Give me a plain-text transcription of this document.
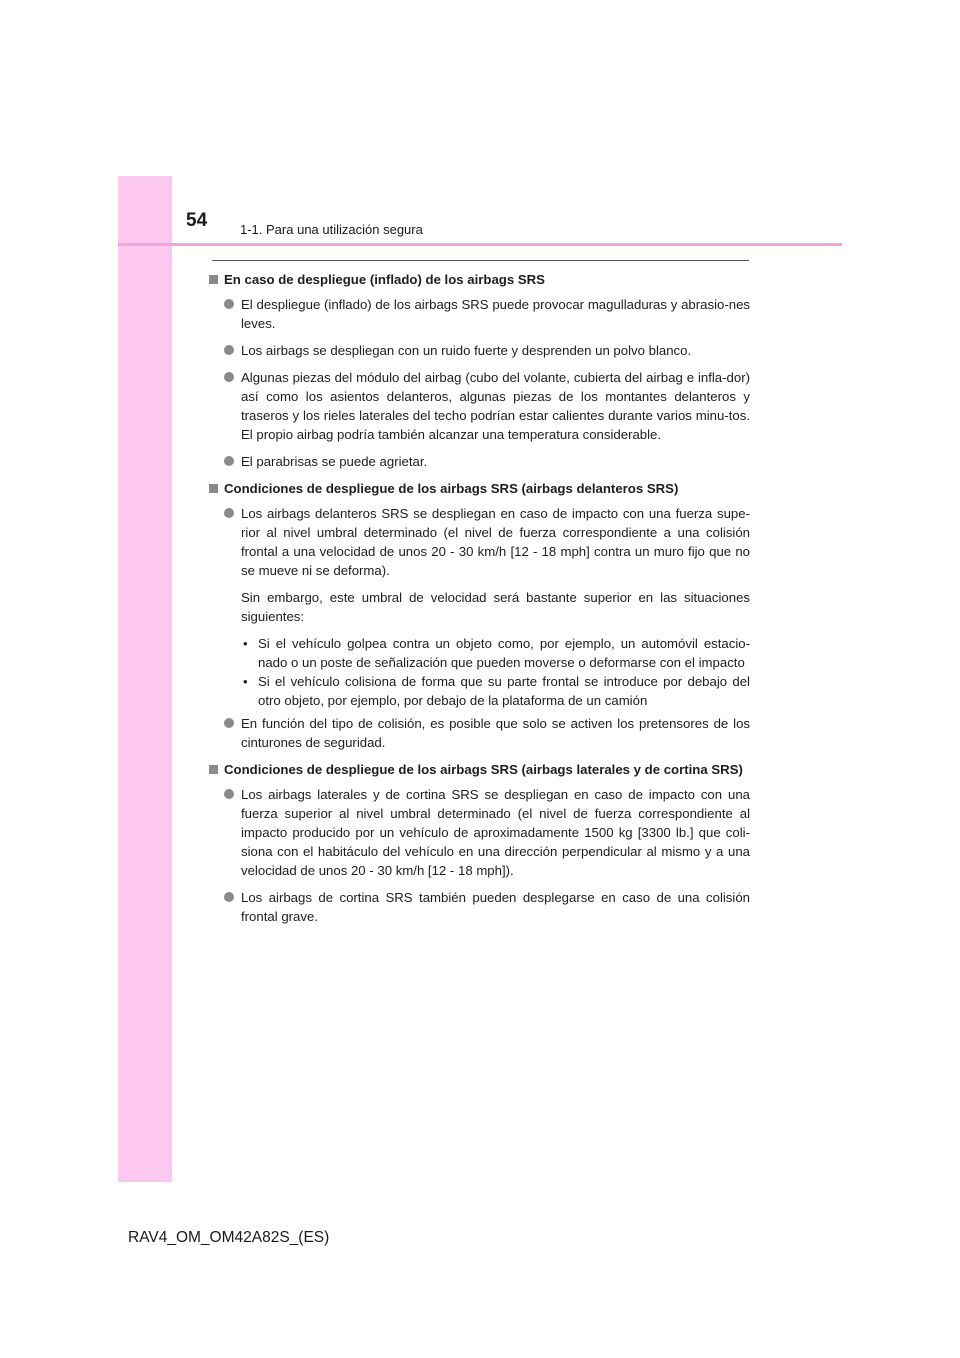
54	1-1. Para una utilización segura
En caso de despliegue (inflado) de los airbags SRS
El despliegue (inflado) de los airbags SRS puede provocar magulladuras y abrasio-nes leves.
Los airbags se despliegan con un ruido fuerte y desprenden un polvo blanco.
Algunas piezas del módulo del airbag (cubo del volante, cubierta del airbag e infla-dor) así como los asientos delanteros, algunas piezas de los montantes delanteros y traseros y los rieles laterales del techo podrían estar calientes durante varios minu-tos. El propio airbag podría también alcanzar una temperatura considerable.
El parabrisas se puede agrietar.
Condiciones de despliegue de los airbags SRS (airbags delanteros SRS)
Los airbags delanteros SRS se despliegan en caso de impacto con una fuerza supe-rior al nivel umbral determinado (el nivel de fuerza correspondiente a una colisión frontal a una velocidad de unos 20 - 30 km/h [12 - 18 mph] contra un muro fijo que no se mueve ni se deforma).
Sin embargo, este umbral de velocidad será bastante superior en las situaciones siguientes:
• Si el vehículo golpea contra un objeto como, por ejemplo, un automóvil estacio-nado o un poste de señalización que pueden moverse o deformarse con el impacto
• Si el vehículo colisiona de forma que su parte frontal se introduce por debajo del otro objeto, por ejemplo, por debajo de la plataforma de un camión
En función del tipo de colisión, es posible que solo se activen los pretensores de los cinturones de seguridad.
Condiciones de despliegue de los airbags SRS (airbags laterales y de cortina SRS)
Los airbags laterales y de cortina SRS se despliegan en caso de impacto con una fuerza superior al nivel umbral determinado (el nivel de fuerza correspondiente al impacto producido por un vehículo de aproximadamente 1500 kg [3300 lb.] que coli-siona con el habitáculo del vehículo en una dirección perpendicular al mismo y a una velocidad de unos 20 - 30 km/h [12 - 18 mph]).
Los airbags de cortina SRS también pueden desplegarse en caso de una colisión frontal grave.
RAV4_OM_OM42A82S_(ES)
